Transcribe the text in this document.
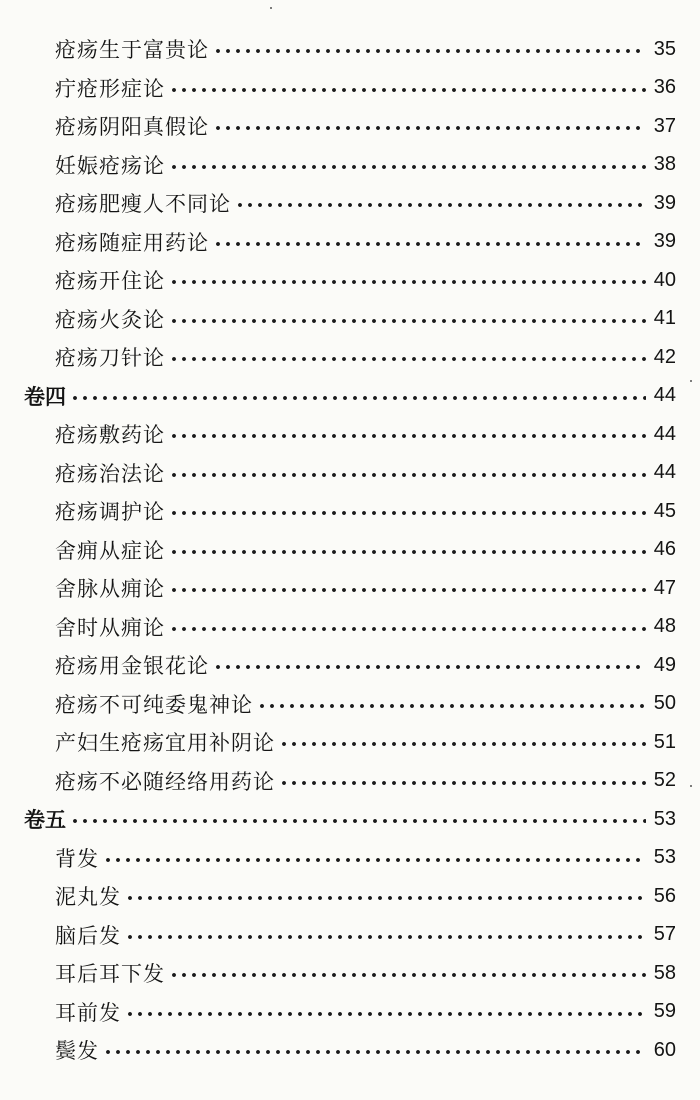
疮疡生于富贵论	35
疔疮形症论	36
疮疡阴阳真假论	37
妊娠疮疡论	38
疮疡肥瘦人不同论	39
疮疡随症用药论	39
疮疡开住论	40
疮疡火灸论	41
疮疡刀针论	42
卷四	44
疮疡敷药论	44
疮疡治法论	44
疮疡调护论	45
舍痈从症论	46
舍脉从痈论	47
舍时从痈论	48
疮疡用金银花论	49
疮疡不可纯委鬼神论	50
产妇生疮疡宜用补阴论	51
疮疡不必随经络用药论	52
卷五	53
背发	53
泥丸发	56
脑后发	57
耳后耳下发	58
耳前发	59
鬓发	60
